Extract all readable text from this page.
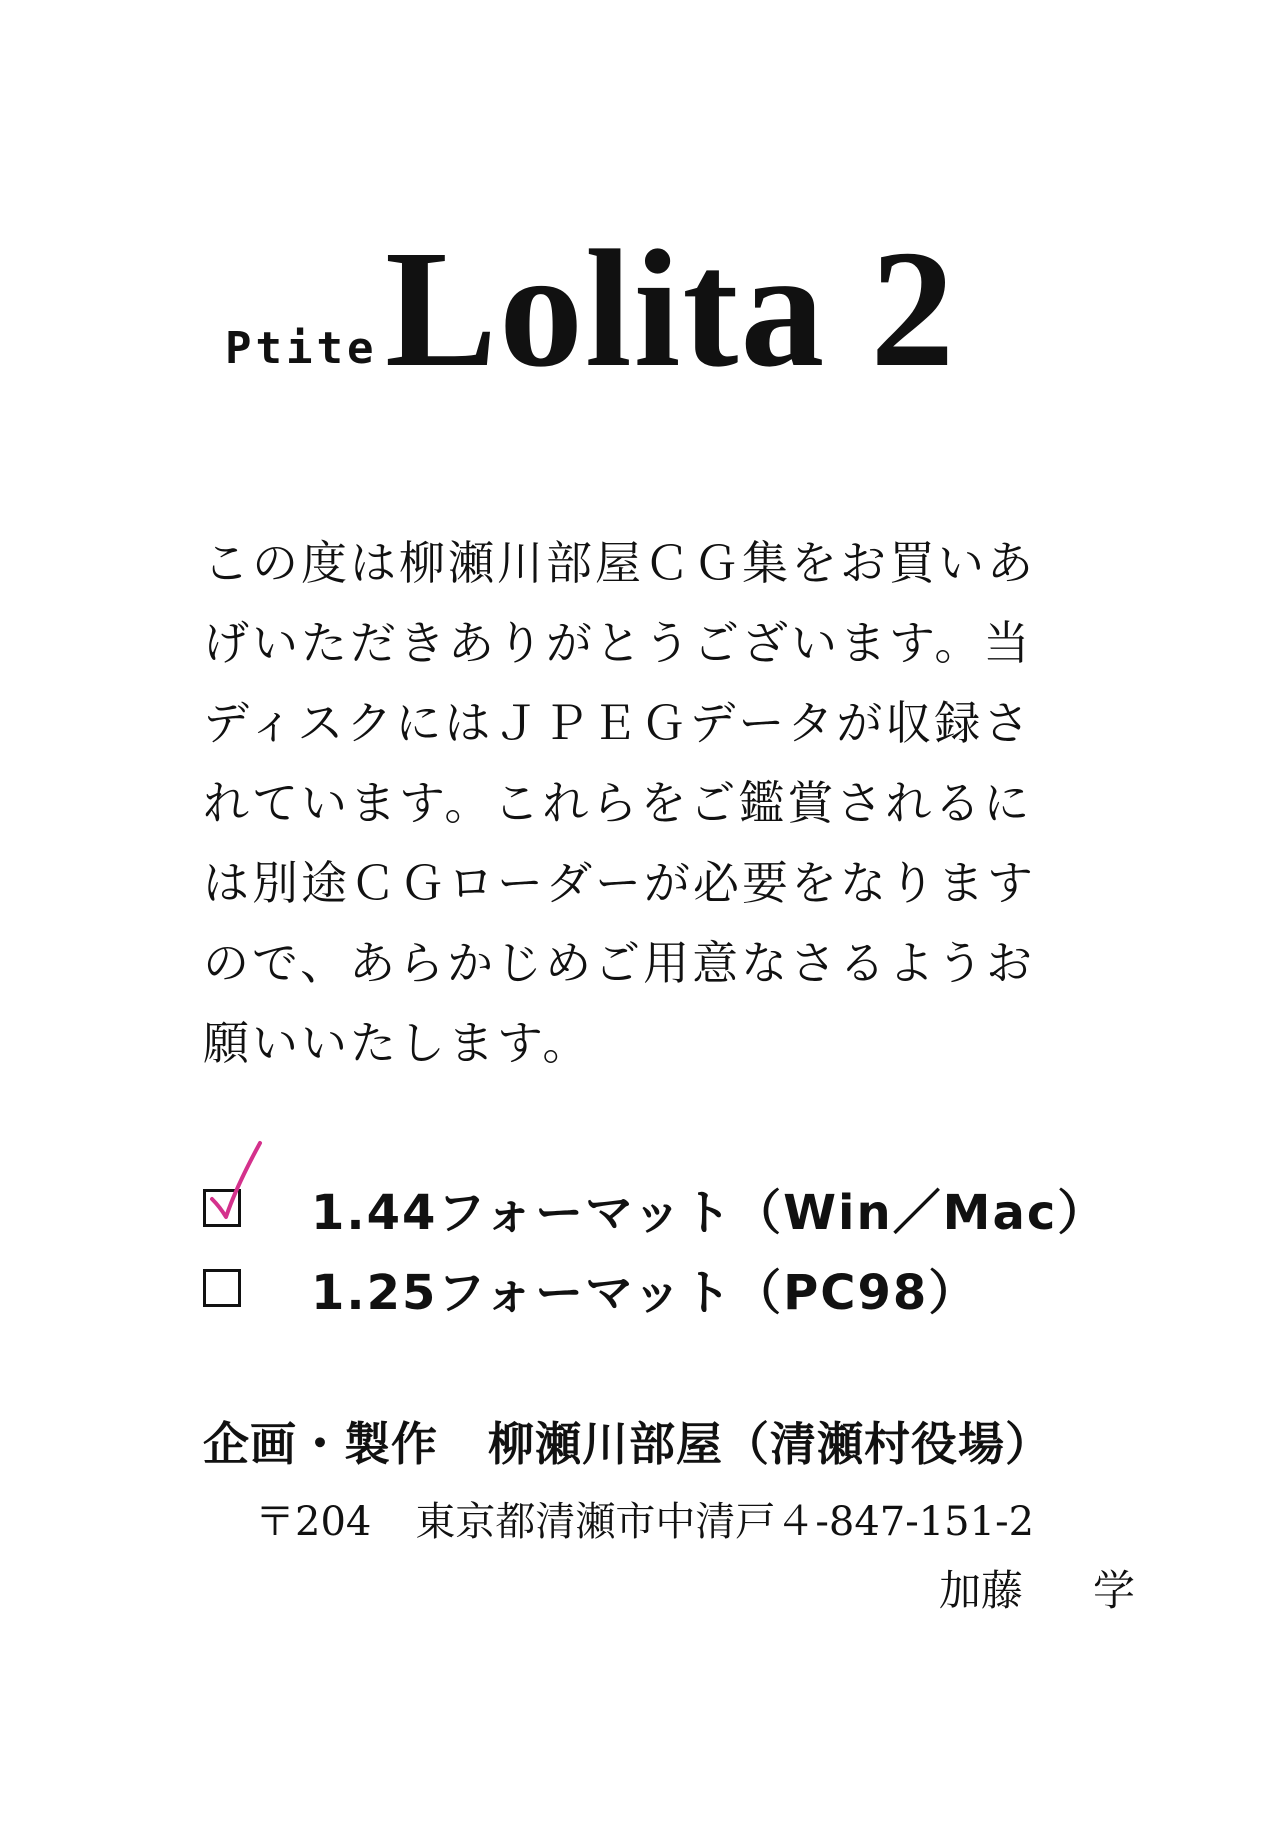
Ptite Lolita 2
この度は柳瀬川部屋ＣＧ集をお買いあ
げいただきありがとうございます。当
ディスクにはＪＰＥＧデータが収録さ
れています。これらをご鑑賞されるに
は別途ＣＧローダーが必要をなります
ので、あらかじめご用意なさるようお
願いいたします。
1.44フォーマット（Win／Mac）
1.25フォーマット（PC98）
企画・製作 柳瀬川部屋（清瀬村役場）
〒204 東京都清瀬市中清戸４-847-151-2
加藤 学
